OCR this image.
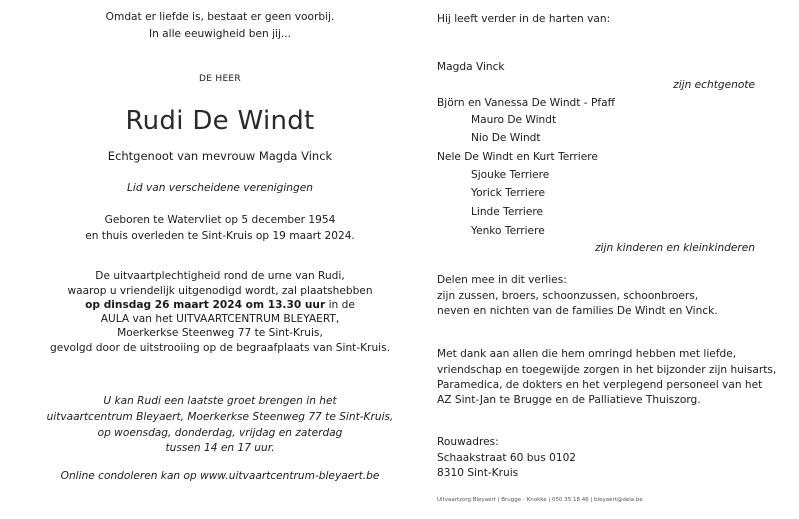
Omdat er liefde is, bestaat er geen voorbij.
In alle eeuwigheid ben jij...
DE HEER
Rudi De Windt
Echtgenoot van mevrouw Magda Vinck
Lid van verscheidene verenigingen
Geboren te Watervliet op 5 december 1954
en thuis overleden te Sint-Kruis op 19 maart 2024.
De uitvaartplechtigheid rond de urne van Rudi,
waarop u vriendelijk uitgenodigd wordt, zal plaatshebben
op dinsdag 26 maart 2024 om 13.30 uur in de
AULA van het UITVAARTCENTRUM BLEYAERT,
Moerkerkse Steenweg 77 te Sint-Kruis,
gevolgd door de uitstrooiing op de begraafplaats van Sint-Kruis.
U kan Rudi een laatste groet brengen in het
uitvaartcentrum Bleyaert, Moerkerkse Steenweg 77 te Sint-Kruis,
op woensdag, donderdag, vrijdag en zaterdag
tussen 14 en 17 uur.
Online condoleren kan op www.uitvaartcentrum-bleyaert.be
Hij leeft verder in de harten van:
Magda Vinck
zijn echtgenote
Björn en Vanessa De Windt - Pfaff
Mauro De Windt
Nio De Windt
Nele De Windt en Kurt Terriere
Sjouke Terriere
Yorick Terriere
Linde Terriere
Yenko Terriere
zijn kinderen en kleinkinderen
Delen mee in dit verlies:
zijn zussen, broers, schoonzussen, schoonbroers,
neven en nichten van de families De Windt en Vinck.
Met dank aan allen die hem omringd hebben met liefde,
vriendschap en toegewijde zorgen in het bijzonder zijn huisarts,
Paramedica, de dokters en het verplegend personeel van het
AZ Sint-Jan te Brugge en de Palliatieve Thuiszorg.
Rouwadres:
Schaakstraat 60 bus 0102
8310 Sint-Kruis
Uitvaartzorg Bleyaert | Brugge - Knokke | 050 35 18 46 | bleyaert@dela.be
